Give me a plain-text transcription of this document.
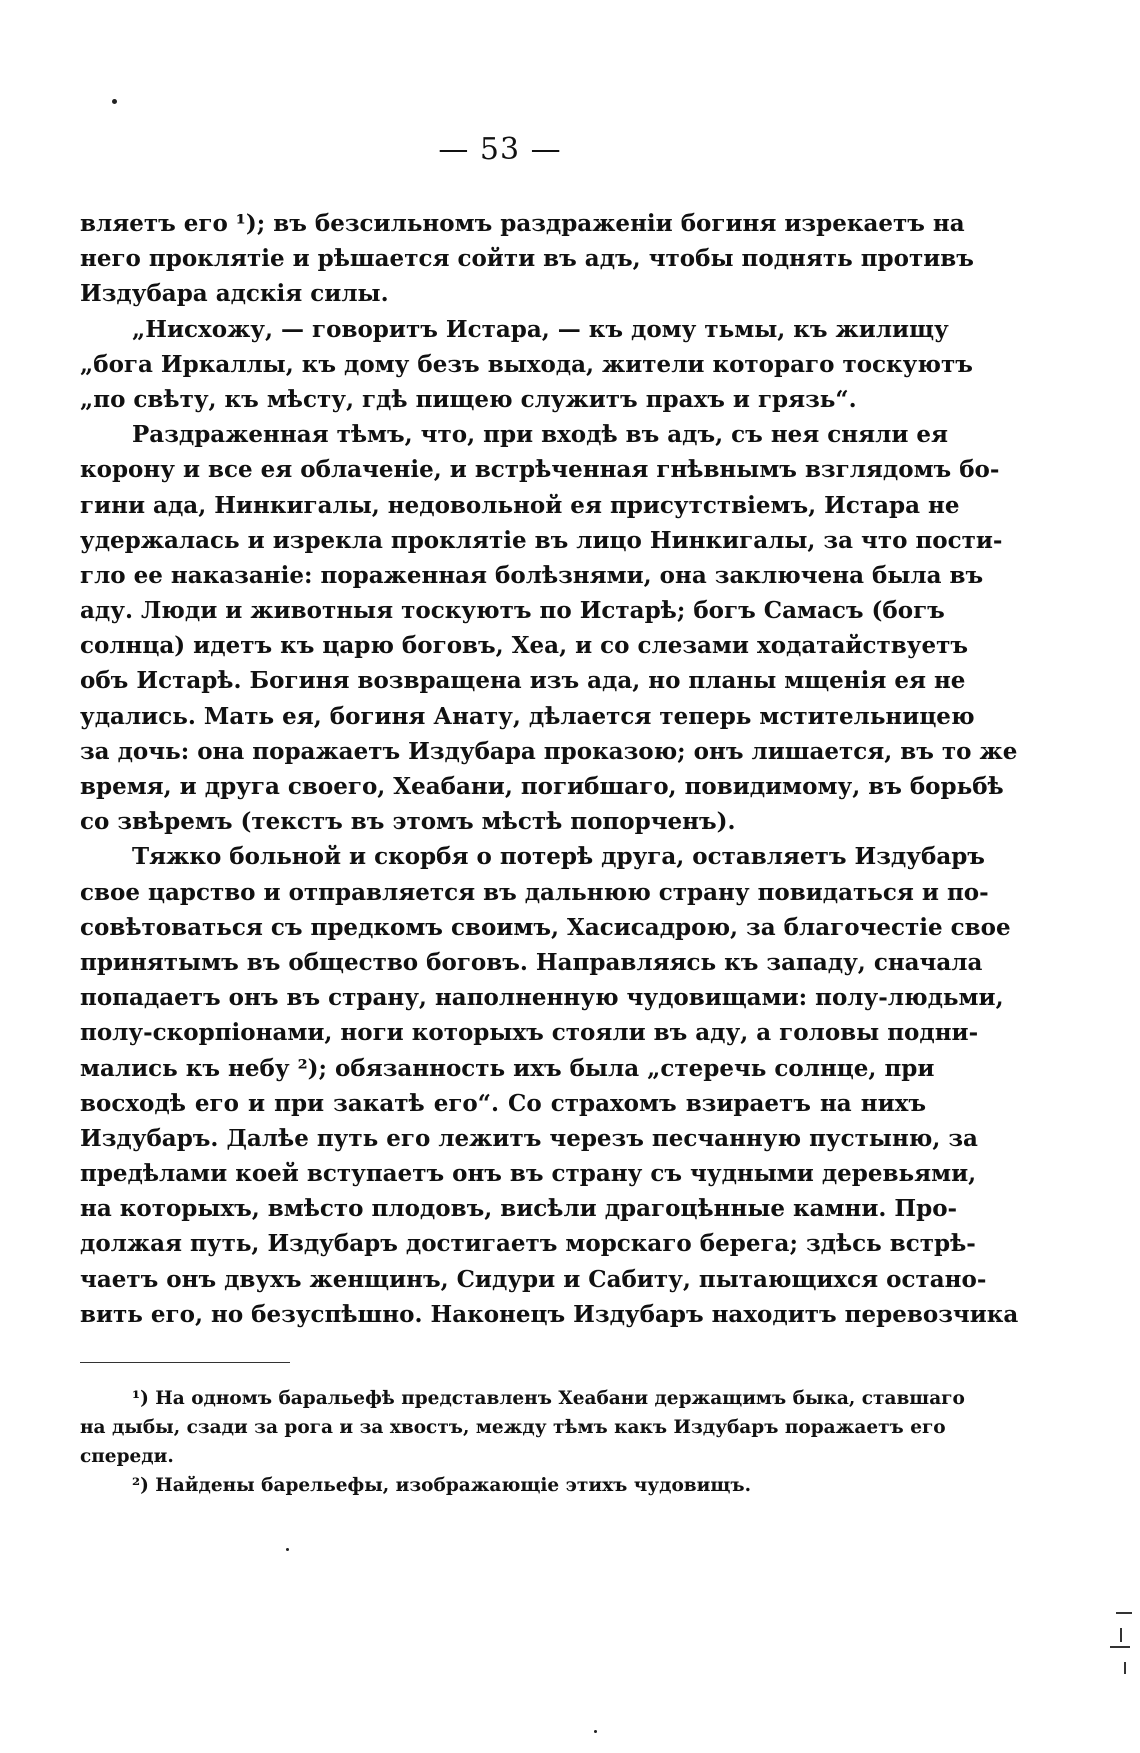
— 53 —
вляетъ его ¹); въ безсильномъ раздраженіи богиня изрекаетъ на
него проклятіе и рѣшается сойти въ адъ, чтобы поднять противъ
Издубара адскія силы.
„Нисхожу, — говоритъ Истара, — къ дому тьмы, къ жилищу
„бога Иркаллы, къ дому безъ выхода, жители котораго тоскуютъ
„по свѣту, къ мѣсту, гдѣ пищею служитъ прахъ и грязь“.
Раздраженная тѣмъ, что, при входѣ въ адъ, съ нея сняли ея
корону и все ея облаченіе, и встрѣченная гнѣвнымъ взглядомъ бо-
гини ада, Нинкигалы, недовольной ея присутствіемъ, Истара не
удержалась и изрекла проклятіе въ лицо Нинкигалы, за что пости-
гло ее наказаніе: пораженная болѣзнями, она заключена была въ
аду. Люди и животныя тоскуютъ по Истарѣ; богъ Самасъ (богъ
солнца) идетъ къ царю боговъ, Хеа, и со слезами ходатайствуетъ
объ Истарѣ. Богиня возвращена изъ ада, но планы мщенія ея не
удались. Мать ея, богиня Анату, дѣлается теперь мстительницею
за дочь: она поражаетъ Издубара проказою; онъ лишается, въ то же
время, и друга своего, Хеабани, погибшаго, повидимому, въ борьбѣ
со звѣремъ (текстъ въ этомъ мѣстѣ попорченъ).
Тяжко больной и скорбя о потерѣ друга, оставляетъ Издубаръ
свое царство и отправляется въ дальнюю страну повидаться и по-
совѣтоваться съ предкомъ своимъ, Хасисадрою, за благочестіе свое
принятымъ въ общество боговъ. Направляясь къ западу, сначала
попадаетъ онъ въ страну, наполненную чудовищами: полу-людьми,
полу-скорпіонами, ноги которыхъ стояли въ аду, а головы подни-
мались къ небу ²); обязанность ихъ была „стеречь солнце, при
восходѣ его и при закатѣ его“. Со страхомъ взираетъ на нихъ
Издубаръ. Далѣе путь его лежитъ черезъ песчанную пустыню, за
предѣлами коей вступаетъ онъ въ страну съ чудными деревьями,
на которыхъ, вмѣсто плодовъ, висѣли драгоцѣнные камни. Про-
должая путь, Издубаръ достигаетъ морскаго берега; здѣсь встрѣ-
чаетъ онъ двухъ женщинъ, Сидури и Сабиту, пытающихся остано-
вить его, но безуспѣшно. Наконецъ Издубаръ находитъ перевозчика
¹) На одномъ баральефѣ представленъ Хеабани держащимъ быка, ставшаго
на дыбы, сзади за рога и за хвостъ, между тѣмъ какъ Издубаръ поражаетъ его
спереди.
²) Найдены барельефы, изображающіе этихъ чудовищъ.
